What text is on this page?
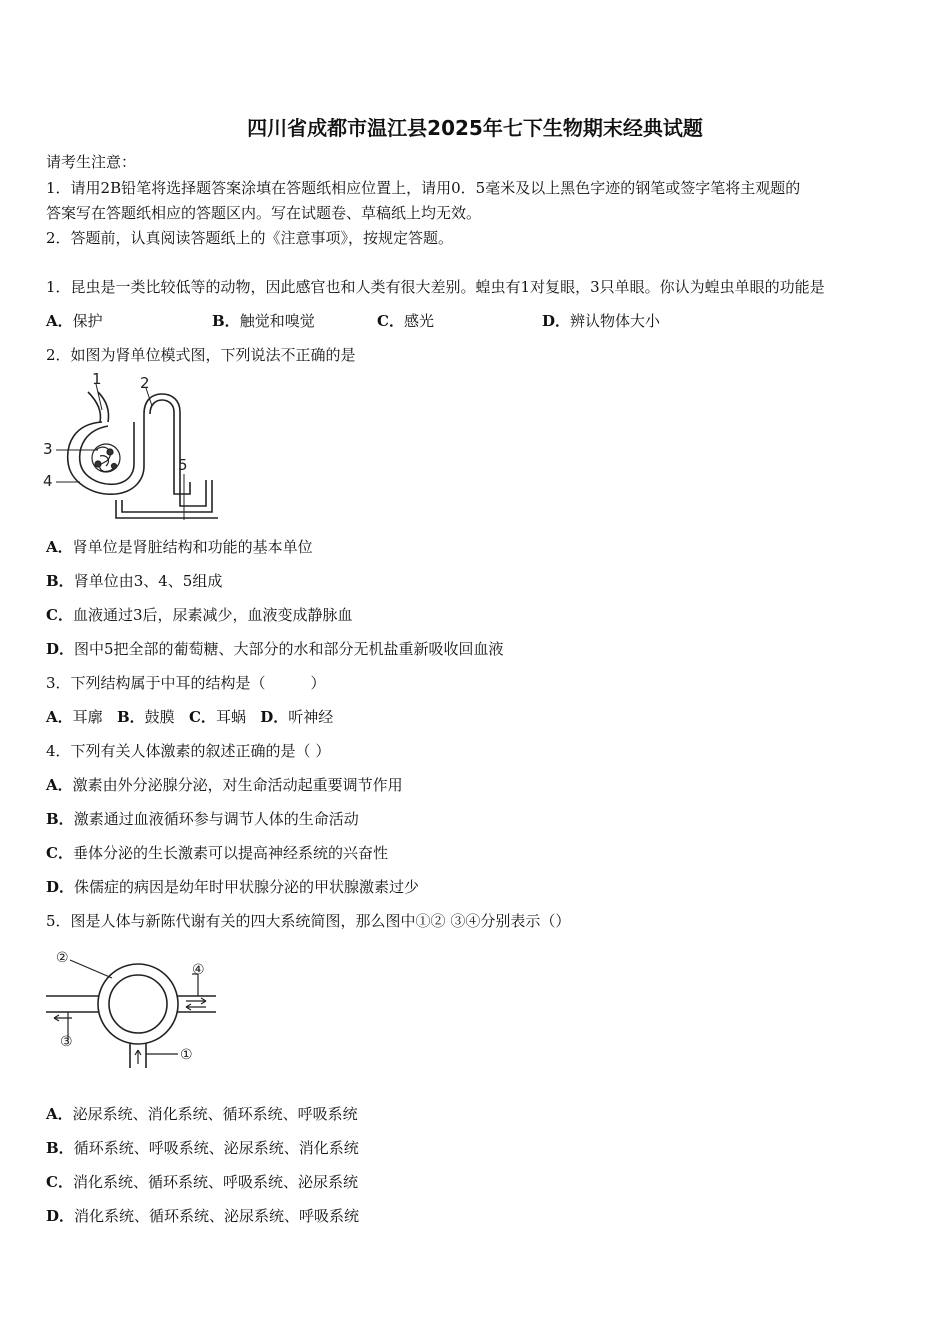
四川省成都市温江县2025年七下生物期末经典试题
请考生注意：
1．请用2B铅笔将选择题答案涂填在答题纸相应位置上，请用0．5毫米及以上黑色字迹的钢笔或签字笔将主观题的
答案写在答题纸相应的答题区内。写在试题卷、草稿纸上均无效。
2．答题前，认真阅读答题纸上的《注意事项》，按规定答题。
1．昆虫是一类比较低等的动物，因此感官也和人类有很大差别。蝗虫有1对复眼，3只单眼。你认为蝗虫单眼的功能是
A．保护	B．触觉和嗅觉	C．感光	D．辨认物体大小
2．如图为肾单位模式图，下列说法不正确的是
1	2
3
4
5
A．肾单位是肾脏结构和功能的基本单位
B．肾单位由3、4、5组成
C．血液通过3后，尿素减少，血液变成静脉血
D．图中5把全部的葡萄糖、大部分的水和部分无机盐重新吸收回血液
3．下列结构属于中耳的结构是（　　　）
A．耳廓 B．鼓膜 C．耳蜗 D．听神经
4．下列有关人体激素的叙述正确的是（ ）
A．激素由外分泌腺分泌，对生命活动起重要调节作用
B．激素通过血液循环参与调节人体的生命活动
C．垂体分泌的生长激素可以提高神经系统的兴奋性
D．侏儒症的病因是幼年时甲状腺分泌的甲状腺激素过少
5．图是人体与新陈代谢有关的四大系统简图，那么图中①② ③④分别表示（）
②
④
③
①
A．泌尿系统、消化系统、循环系统、呼吸系统
B．循环系统、呼吸系统、泌尿系统、消化系统
C．消化系统、循环系统、呼吸系统、泌尿系统
D．消化系统、循环系统、泌尿系统、呼吸系统
